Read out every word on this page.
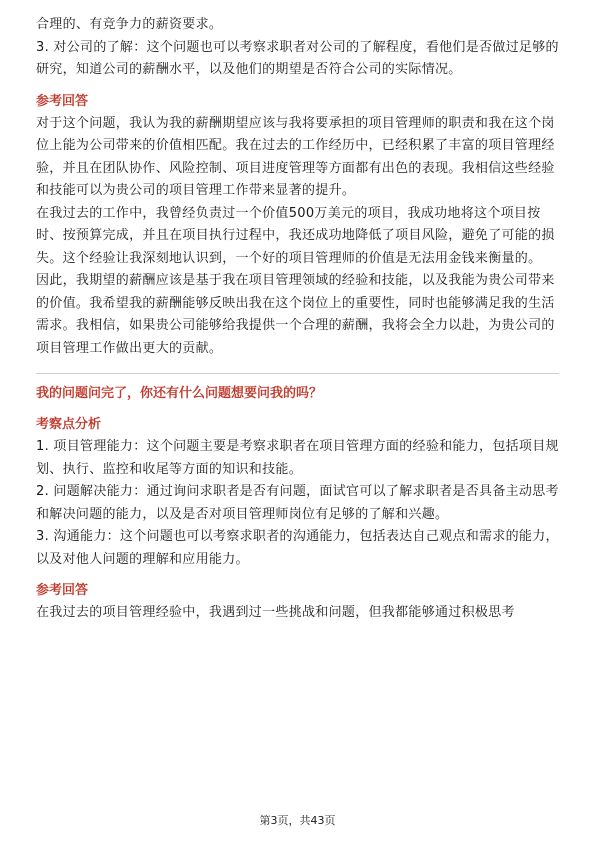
合理的、有竞争力的薪资要求。

3. 对公司的了解：这个问题也可以考察求职者对公司的了解程度，看他们是否做过足够的研究，知道公司的薪酬水平，以及他们的期望是否符合公司的实际情况。

参考回答

对于这个问题，我认为我的薪酬期望应该与我将要承担的项目管理师的职责和我在这个岗位上能为公司带来的价值相匹配。我在过去的工作经历中，已经积累了丰富的项目管理经验，并且在团队协作、风险控制、项目进度管理等方面都有出色的表现。我相信这些经验和技能可以为贵公司的项目管理工作带来显著的提升。

在我过去的工作中，我曾经负责过一个价值500万美元的项目，我成功地将这个项目按时、按预算完成，并且在项目执行过程中，我还成功地降低了项目风险，避免了可能的损失。这个经验让我深刻地认识到，一个好的项目管理师的价值是无法用金钱来衡量的。

因此，我期望的薪酬应该是基于我在项目管理领域的经验和技能，以及我能为贵公司带来的价值。我希望我的薪酬能够反映出我在这个岗位上的重要性，同时也能够满足我的生活需求。我相信，如果贵公司能够给我提供一个合理的薪酬，我将会全力以赴，为贵公司的项目管理工作做出更大的贡献。

我的问题问完了，你还有什么问题想要问我的吗？
考察点分析

1. 项目管理能力：这个问题主要是考察求职者在项目管理方面的经验和能力，包括项目规划、执行、监控和收尾等方面的知识和技能。

2. 问题解决能力：通过询问求职者是否有问题，面试官可以了解求职者是否具备主动思考和解决问题的能力，以及是否对项目管理师岗位有足够的了解和兴趣。

3. 沟通能力：这个问题也可以考察求职者的沟通能力，包括表达自己观点和需求的能力，以及对他人问题的理解和应用能力。

参考回答

在我过去的项目管理经验中，我遇到过一些挑战和问题，但我都能够通过积极思考

第3页，共43页
